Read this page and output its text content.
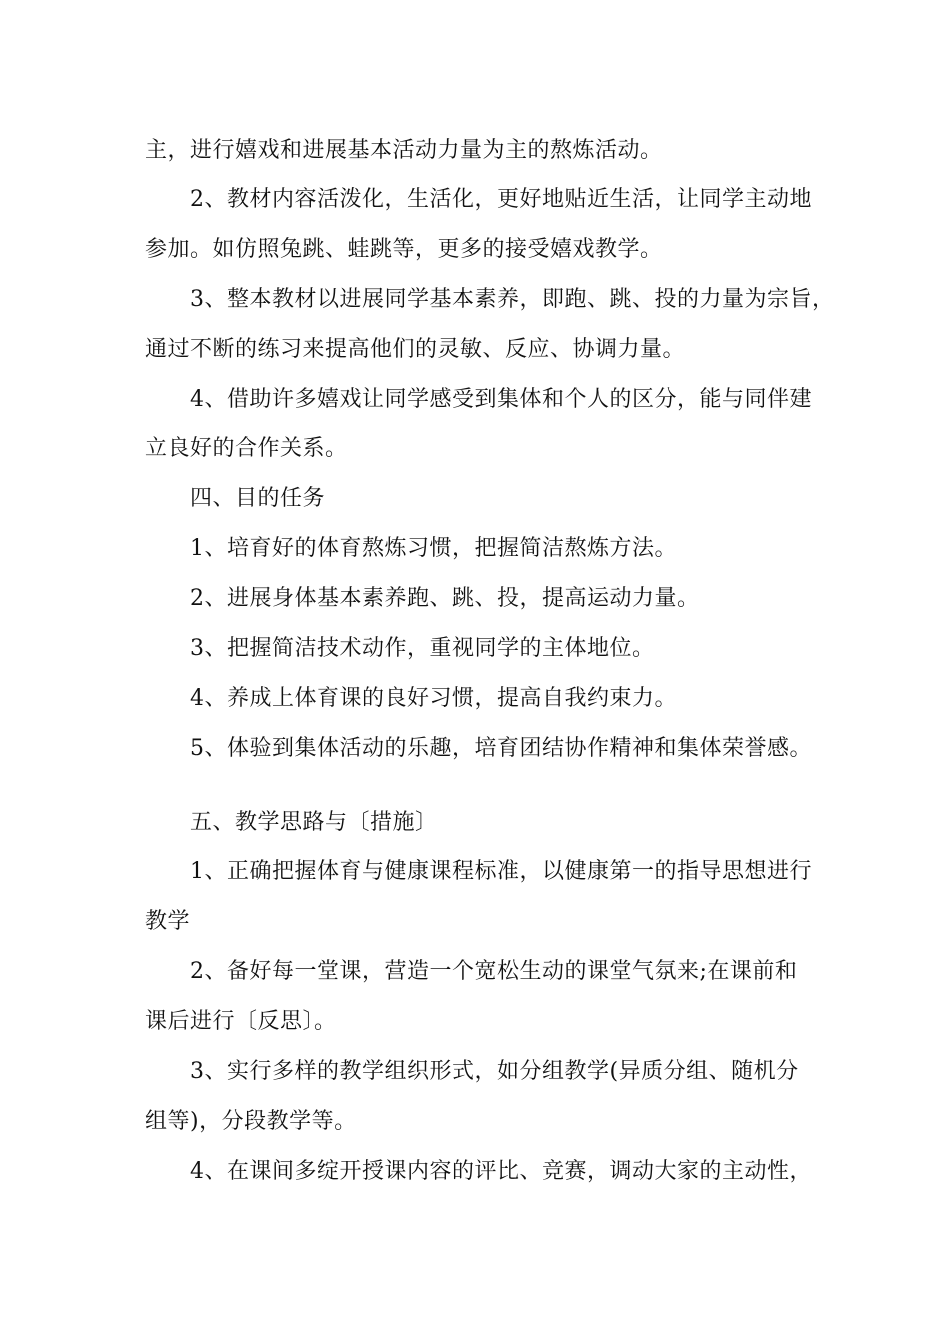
主，进行嬉戏和进展基本活动力量为主的熬炼活动。
2、教材内容活泼化，生活化，更好地贴近生活，让同学主动地
参加。如仿照兔跳、蛙跳等，更多的接受嬉戏教学。
3、整本教材以进展同学基本素养，即跑、跳、投的力量为宗旨，
通过不断的练习来提高他们的灵敏、反应、协调力量。
4、借助许多嬉戏让同学感受到集体和个人的区分，能与同伴建
立良好的合作关系。
四、目的任务
1、培育好的体育熬炼习惯，把握简洁熬炼方法。
2、进展身体基本素养跑、跳、投，提高运动力量。
3、把握简洁技术动作，重视同学的主体地位。
4、养成上体育课的良好习惯，提高自我约束力。
5、体验到集体活动的乐趣，培育团结协作精神和集体荣誉感。
五、教学思路与〔措施〕
1、正确把握体育与健康课程标准，以健康第一的指导思想进行
教学
2、备好每一堂课，营造一个宽松生动的课堂气氛来;在课前和
课后进行〔反思〕。
3、实行多样的教学组织形式，如分组教学(异质分组、随机分
组等)，分段教学等。
4、在课间多绽开授课内容的评比、竞赛，调动大家的主动性，
